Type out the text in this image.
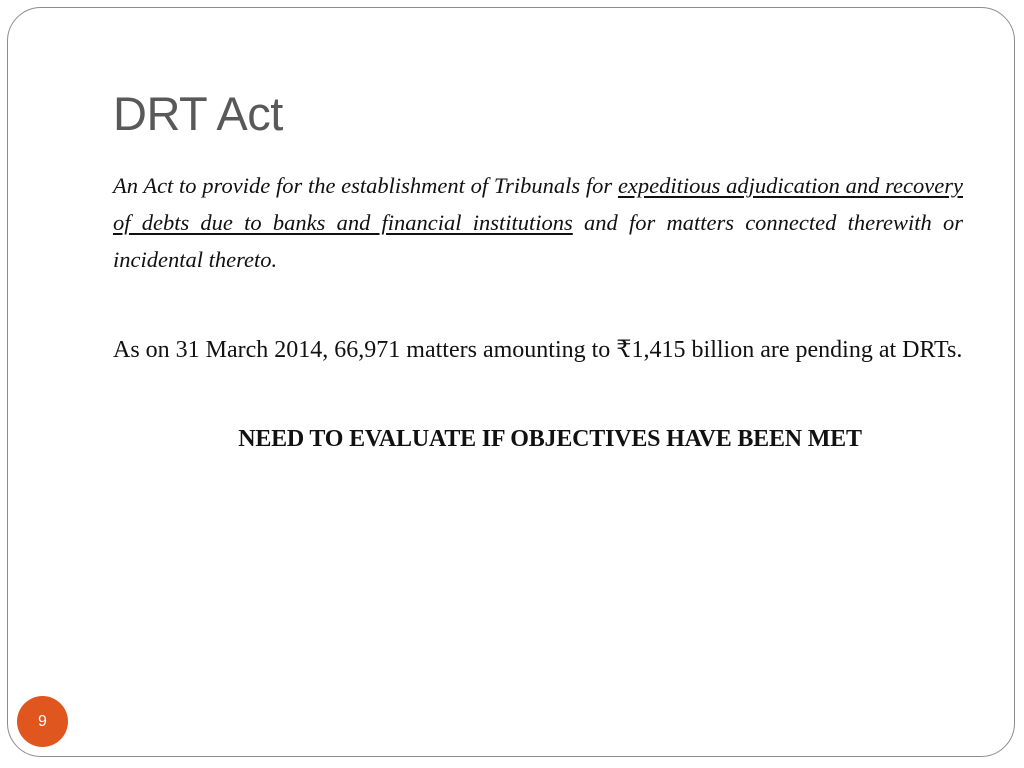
DRT Act

An Act to provide for the establishment of Tribunals for expeditious adjudication and recovery of debts due to banks and financial institutions and for matters connected therewith or incidental thereto.

As on 31 March 2014, 66,971 matters amounting to ₹1,415 billion are pending at DRTs.

NEED TO EVALUATE IF OBJECTIVES HAVE BEEN MET

9
